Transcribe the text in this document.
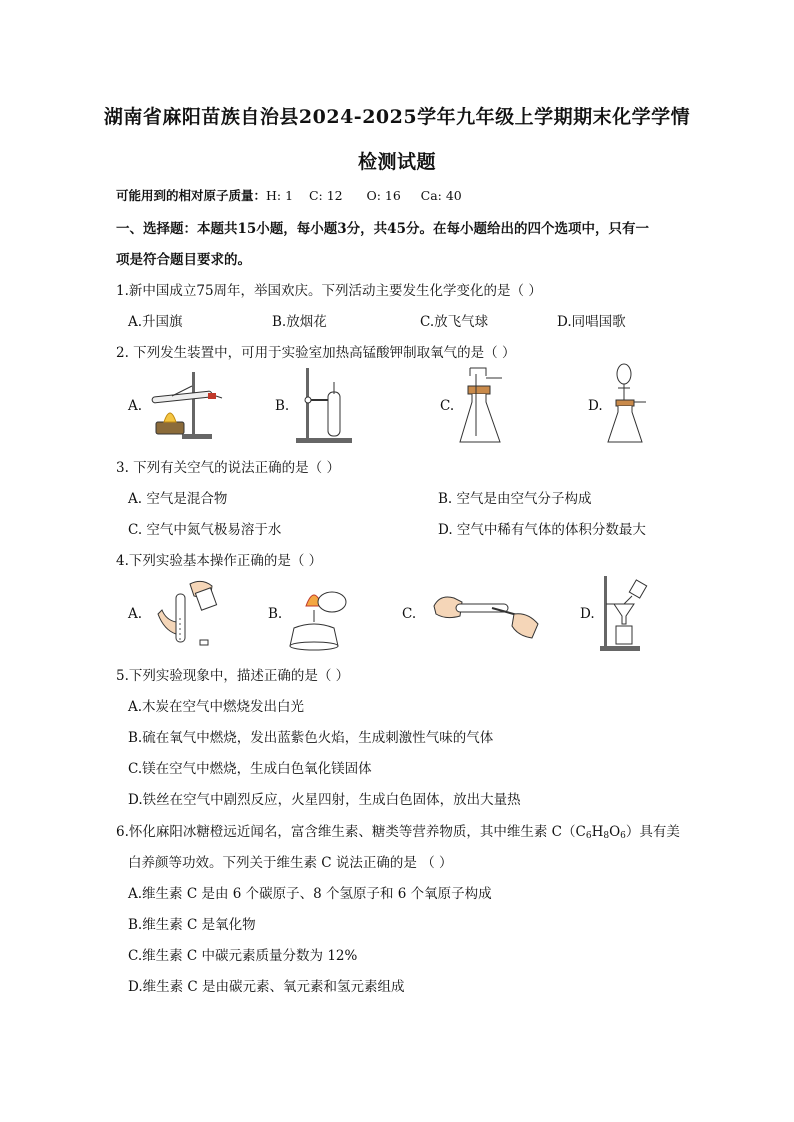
湖南省麻阳苗族自治县2024-2025学年九年级上学期期末化学学情
检测试题
可能用到的相对原子质量：H: 1    C: 12      O: 16     Ca: 40
一、选择题：本题共15小题，每小题3分，共45分。在每小题给出的四个选项中，只有一
项是符合题目要求的。
1.新中国成立75周年，举国欢庆。下列活动主要发生化学变化的是（ ）
A.升国旗	B.放烟花	C.放飞气球	D.同唱国歌
2. 下列发生装置中，可用于实验室加热高锰酸钾制取氧气的是（ ）
A.	B.	C.	D.
3. 下列有关空气的说法正确的是（ ）
A. 空气是混合物	B. 空气是由空气分子构成
C. 空气中氮气极易溶于水	D. 空气中稀有气体的体积分数最大
4.下列实验基本操作正确的是（ ）
A.	B.	C.	D.
5.下列实验现象中，描述正确的是（ ）
A.木炭在空气中燃烧发出白光
B.硫在氧气中燃烧，发出蓝紫色火焰，生成刺激性气味的气体
C.镁在空气中燃烧，生成白色氧化镁固体
D.铁丝在空气中剧烈反应，火星四射，生成白色固体，放出大量热
6.怀化麻阳冰糖橙远近闻名，富含维生素、糖类等营养物质，其中维生素 $C(C_6H_8O_6)$具有美
白养颜等功效。下列关于维生素 C 说法正确的是 （ ）
A.维生素 C 是由 6 个碳原子、8 个氢原子和 6 个氧原子构成
B.维生素 C 是氧化物
C.维生素 C 中碳元素质量分数为 12%
D.维生素 C 是由碳元素、氧元素和氢元素组成
